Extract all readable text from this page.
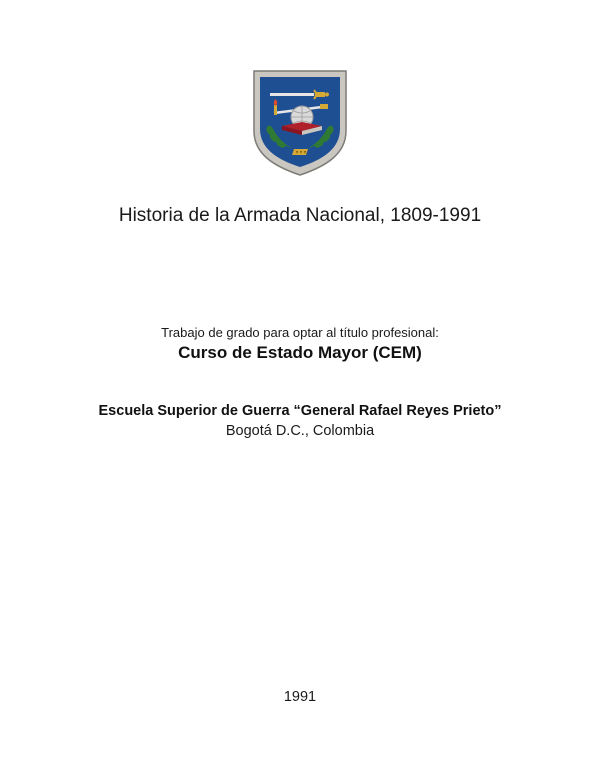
Historia de la Armada Nacional, 1809-1991
Trabajo de grado para optar al título profesional:
Curso de Estado Mayor (CEM)
Escuela Superior de Guerra “General Rafael Reyes Prieto”
Bogotá D.C., Colombia
1991
